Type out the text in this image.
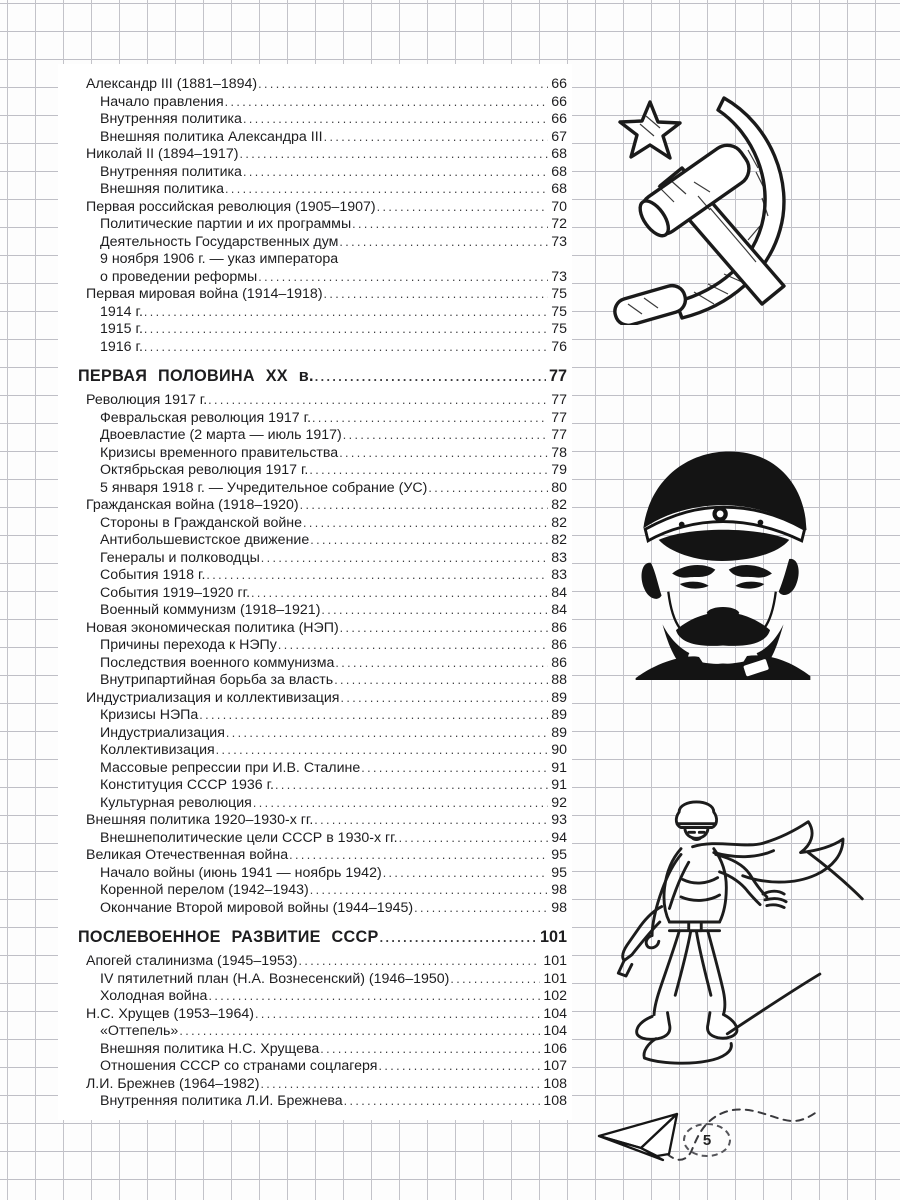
Александр III (1881–1894) .....	66
Начало правления .....	66
Внутренняя политика .....	66
Внешняя политика Александра III .....	67
Николай II (1894–1917) .....	68
Внутренняя политика .....	68
Внешняя политика .....	68
Первая российская революция (1905–1907) .....	70
Политические партии и их программы .....	72
Деятельность Государственных дум .....	73
9 ноября 1906 г. — указ императора
о проведении реформы .....	73
Первая мировая война (1914–1918) .....	75
1914 г. .....	75
1915 г. .....	75
1916 г. .....	76
ПЕРВАЯ ПОЛОВИНА XX в. .....	77
Революция 1917 г. .....	77
Февральская революция 1917 г. .....	77
Двоевластие (2 марта — июль 1917) .....	77
Кризисы временного правительства .....	78
Октябрьская революция 1917 г. .....	79
5 января 1918 г. — Учредительное собрание (УС) .....	80
Гражданская война (1918–1920) .....	82
Стороны в Гражданской войне .....	82
Антибольшевистское движение .....	82
Генералы и полководцы .....	83
События 1918 г. .....	83
События 1919–1920 гг. .....	84
Военный коммунизм (1918–1921) .....	84
Новая экономическая политика (НЭП) .....	86
Причины перехода к НЭПу .....	86
Последствия военного коммунизма .....	86
Внутрипартийная борьба за власть .....	88
Индустриализация и коллективизация .....	89
Кризисы НЭПа .....	89
Индустриализация .....	89
Коллективизация .....	90
Массовые репрессии при И.В. Сталине .....	91
Конституция СССР 1936 г. .....	91
Культурная революция .....	92
Внешняя политика 1920–1930-х гг. .....	93
Внешнеполитические цели СССР в 1930-х гг. .....	94
Великая Отечественная война .....	95
Начало войны (июнь 1941 — ноябрь 1942) .....	95
Коренной перелом (1942–1943) .....	98
Окончание Второй мировой войны (1944–1945) .....	98
ПОСЛЕВОЕННОЕ РАЗВИТИЕ СССР .....	101
Апогей сталинизма (1945–1953) .....	101
IV пятилетний план (Н.А. Вознесенский) (1946–1950) .....	101
Холодная война .....	102
Н.С. Хрущев (1953–1964) .....	104
«Оттепель» .....	104
Внешняя политика Н.С. Хрущева .....	106
Отношения СССР со странами соцлагеря .....	107
Л.И. Брежнев (1964–1982) .....	108
Внутренняя политика Л.И. Брежнева .....	108
5
